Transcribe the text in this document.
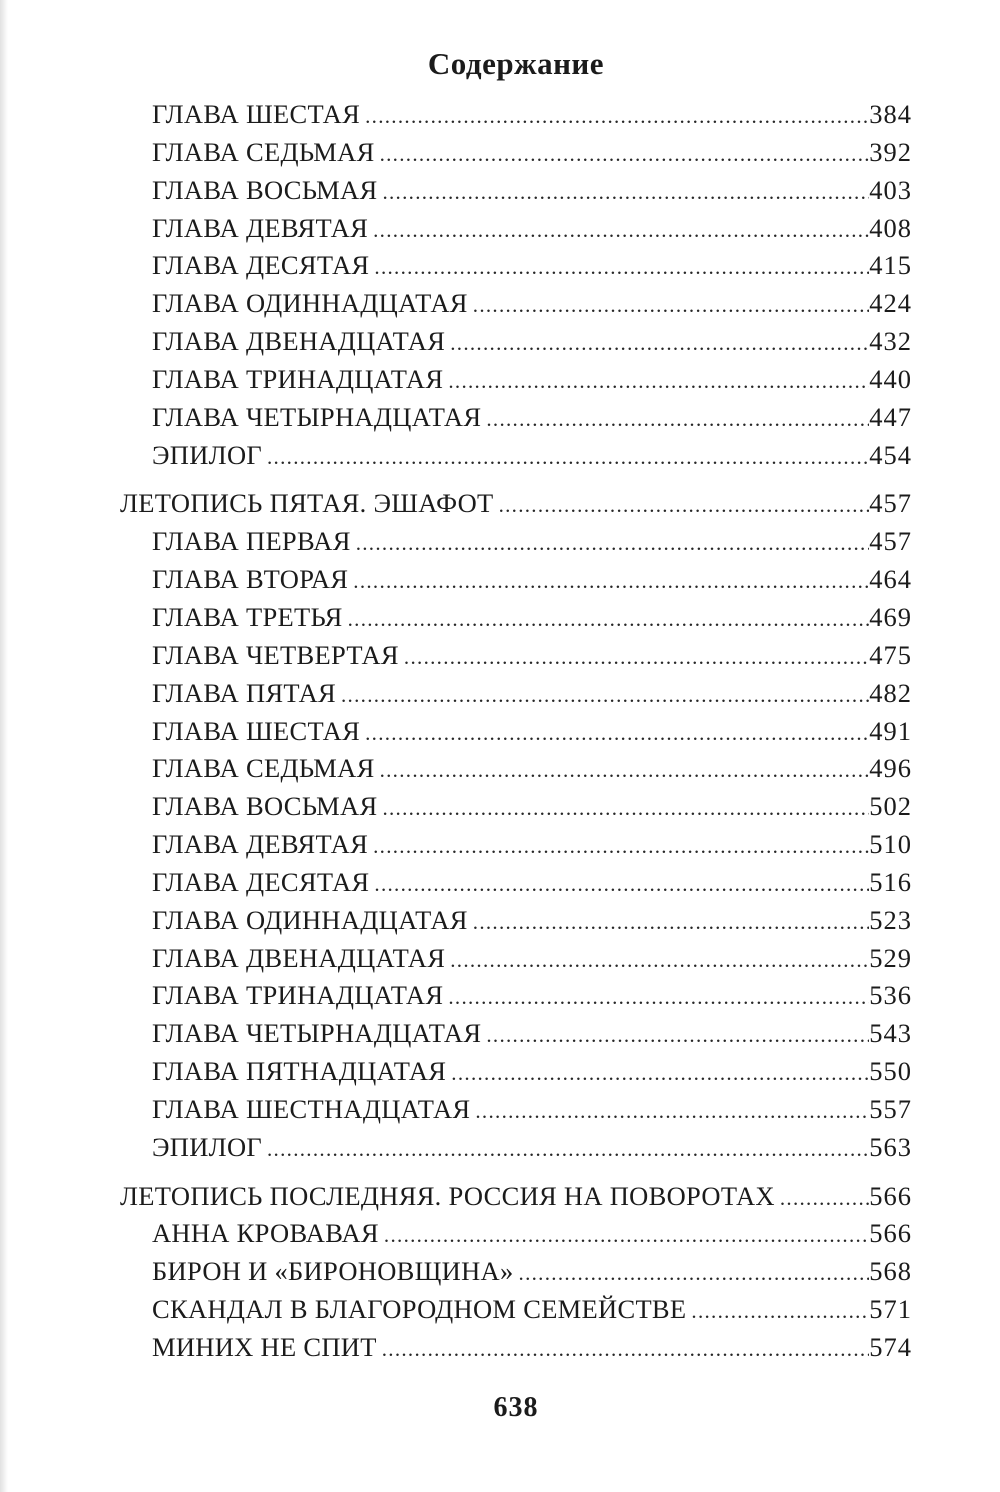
Содержание
ГЛАВА ШЕСТАЯ .....	384
ГЛАВА СЕДЬМАЯ .....	392
ГЛАВА ВОСЬМАЯ .....	403
ГЛАВА ДЕВЯТАЯ .....	408
ГЛАВА ДЕСЯТАЯ .....	415
ГЛАВА ОДИННАДЦАТАЯ .....	424
ГЛАВА ДВЕНАДЦАТАЯ .....	432
ГЛАВА ТРИНАДЦАТАЯ .....	440
ГЛАВА ЧЕТЫРНАДЦАТАЯ .....	447
ЭПИЛОГ .....	454
ЛЕТОПИСЬ ПЯТАЯ. ЭШАФОТ .....	457
ГЛАВА ПЕРВАЯ .....	457
ГЛАВА ВТОРАЯ .....	464
ГЛАВА ТРЕТЬЯ .....	469
ГЛАВА ЧЕТВЕРТАЯ .....	475
ГЛАВА ПЯТАЯ .....	482
ГЛАВА ШЕСТАЯ .....	491
ГЛАВА СЕДЬМАЯ .....	496
ГЛАВА ВОСЬМАЯ .....	502
ГЛАВА ДЕВЯТАЯ .....	510
ГЛАВА ДЕСЯТАЯ .....	516
ГЛАВА ОДИННАДЦАТАЯ .....	523
ГЛАВА ДВЕНАДЦАТАЯ .....	529
ГЛАВА ТРИНАДЦАТАЯ .....	536
ГЛАВА ЧЕТЫРНАДЦАТАЯ .....	543
ГЛАВА ПЯТНАДЦАТАЯ .....	550
ГЛАВА ШЕСТНАДЦАТАЯ .....	557
ЭПИЛОГ .....	563
ЛЕТОПИСЬ ПОСЛЕДНЯЯ. РОССИЯ НА ПОВОРОТАХ .....	566
АННА КРОВАВАЯ .....	566
БИРОН И «БИРОНОВЩИНА» .....	568
СКАНДАЛ В БЛАГОРОДНОМ СЕМЕЙСТВЕ .....	571
МИНИХ НЕ СПИТ .....	574
638
